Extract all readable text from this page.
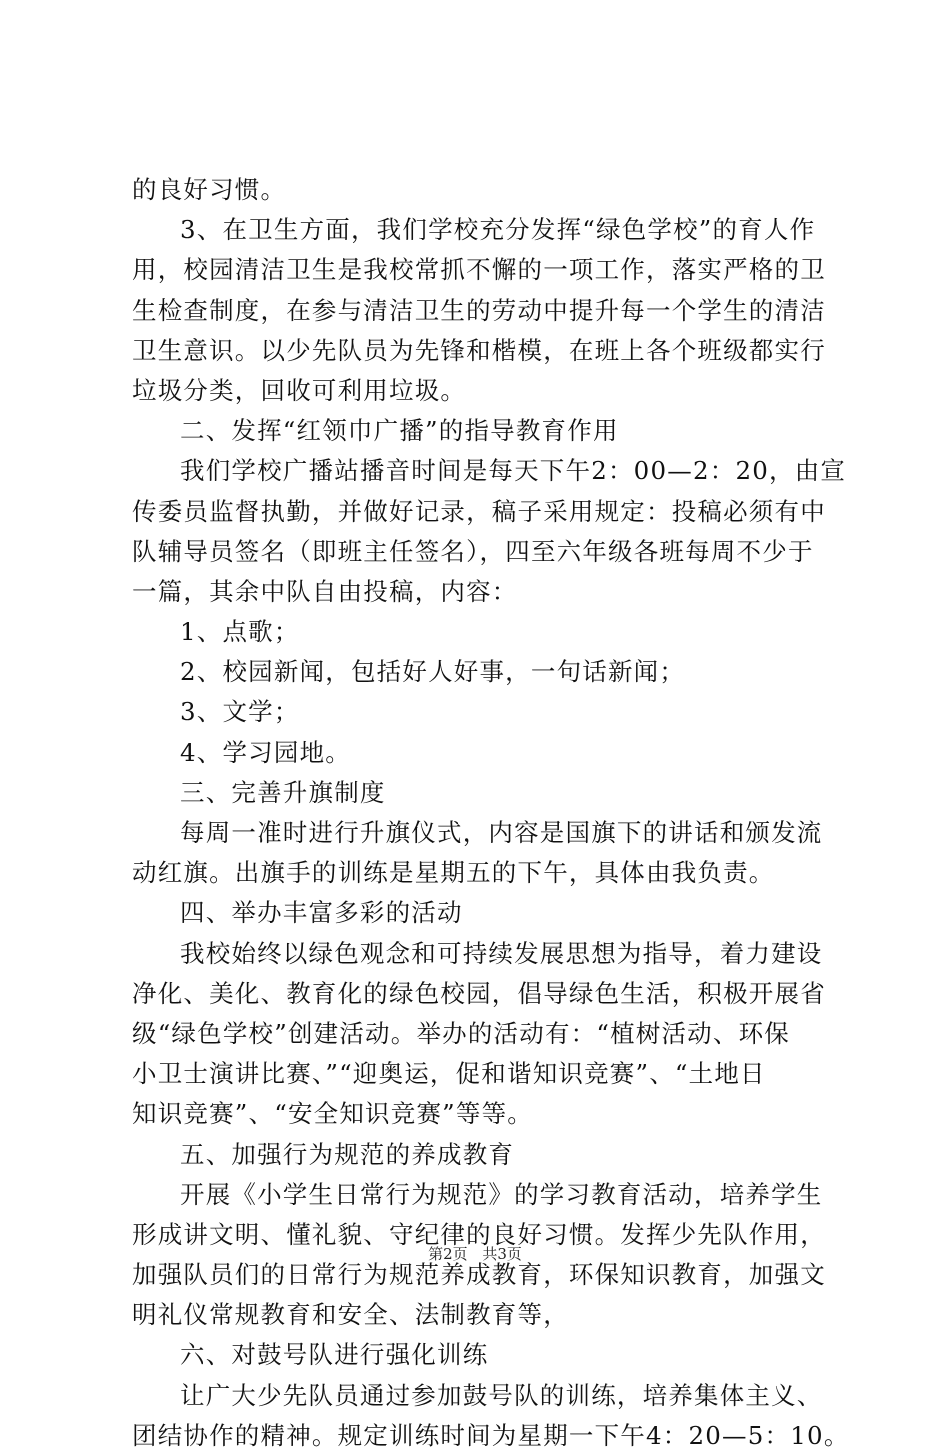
的良好习惯。
3、在卫生方面，我们学校充分发挥“绿色学校”的育人作
用，校园清洁卫生是我校常抓不懈的一项工作，落实严格的卫
生检查制度，在参与清洁卫生的劳动中提升每一个学生的清洁
卫生意识。以少先队员为先锋和楷模，在班上各个班级都实行
垃圾分类，回收可利用垃圾。
二、发挥“红领巾广播”的指导教育作用
我们学校广播站播音时间是每天下午2：00—2：20，由宣
传委员监督执勤，并做好记录，稿子采用规定：投稿必须有中
队辅导员签名（即班主任签名），四至六年级各班每周不少于
一篇，其余中队自由投稿，内容：
1、点歌；
2、校园新闻，包括好人好事，一句话新闻；
3、文学；
4、学习园地。
三、完善升旗制度
每周一准时进行升旗仪式，内容是国旗下的讲话和颁发流
动红旗。出旗手的训练是星期五的下午，具体由我负责。
四、举办丰富多彩的活动
我校始终以绿色观念和可持续发展思想为指导，着力建设
净化、美化、教育化的绿色校园，倡导绿色生活，积极开展省
级“绿色学校”创建活动。举办的活动有：“植树活动、环保
小卫士演讲比赛、”“迎奥运，促和谐知识竞赛”、“土地日
知识竞赛”、“安全知识竞赛”等等。
五、加强行为规范的养成教育
开展《小学生日常行为规范》的学习教育活动，培养学生
形成讲文明、懂礼貌、守纪律的良好习惯。发挥少先队作用，
加强队员们的日常行为规范养成教育，环保知识教育，加强文
明礼仪常规教育和安全、法制教育等，
六、对鼓号队进行强化训练
让广大少先队员通过参加鼓号队的训练，培养集体主义、
团结协作的精神。规定训练时间为星期一下午4：20—5：10。
第2页 共3页
